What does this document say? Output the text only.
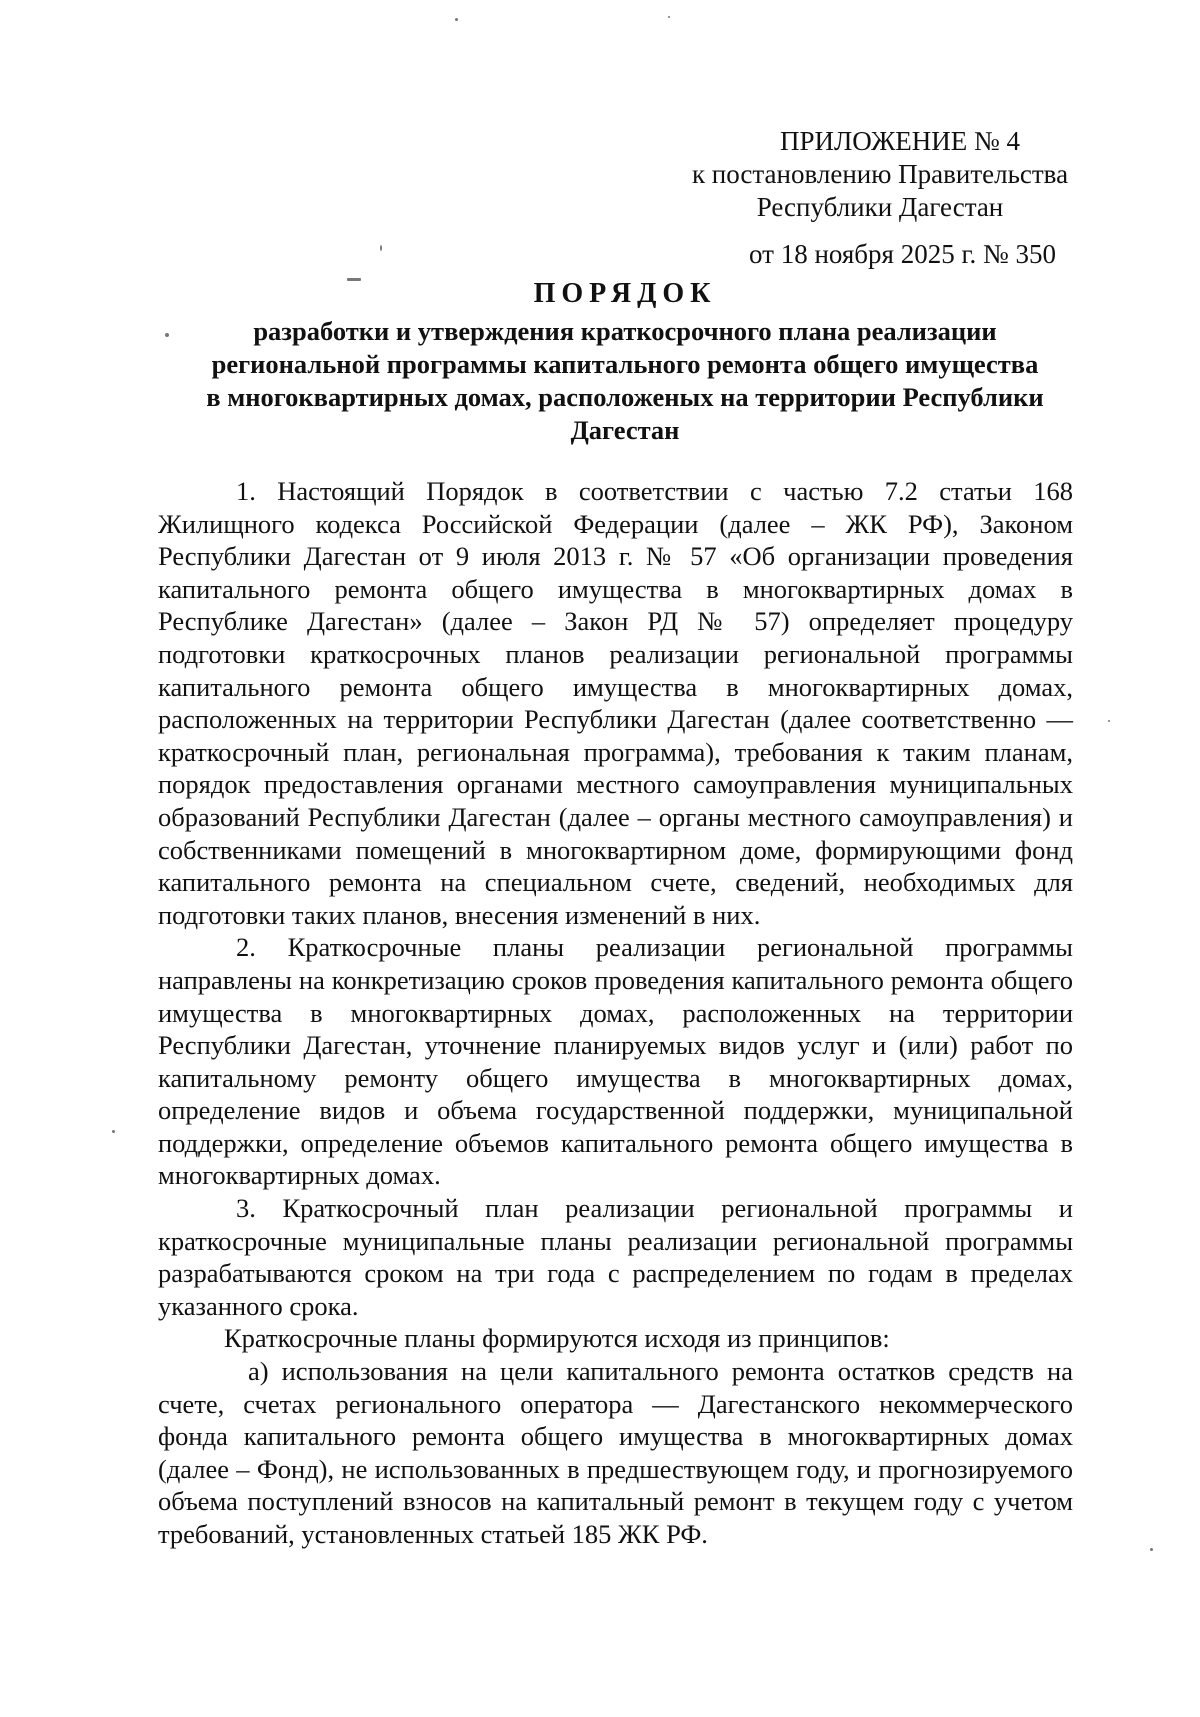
ПРИЛОЖЕНИЕ № 4
к постановлению Правительства
Республики Дагестан
от 18 ноября 2025 г. № 350
ПОРЯДОК
разработки и утверждения краткосрочного плана реализации
региональной программы капитального ремонта общего имущества
в многоквартирных домах, расположеных на территории Республики
Дагестан

1. Настоящий Порядок в соответствии с частью 7.2 статьи 168 Жилищного кодекса Российской Федерации (далее – ЖК РФ), Законом Республики Дагестан от 9 июля 2013 г. № 57 «Об организации проведения капитального ремонта общего имущества в многоквартирных домах в Республике Дагестан» (далее – Закон РД № 57) определяет процедуру подготовки краткосрочных планов реализации региональной программы капитального ремонта общего имущества в многоквартирных домах, расположенных на территории Республики Дагестан (далее соответственно — краткосрочный план, региональная программа), требования к таким планам, порядок предоставления органами местного самоуправления муниципальных образований Республики Дагестан (далее – органы местного самоуправления) и собственниками помещений в многоквартирном доме, формирующими фонд капитального ремонта на специальном счете, сведений, необходимых для подготовки таких планов, внесения изменений в них.

2. Краткосрочные планы реализации региональной программы направлены на конкретизацию сроков проведения капитального ремонта общего имущества в многоквартирных домах, расположенных на территории Республики Дагестан, уточнение планируемых видов услуг и (или) работ по капитальному ремонту общего имущества в многоквартирных домах, определение видов и объема государственной поддержки, муниципальной поддержки, определение объемов капитального ремонта общего имущества в многоквартирных домах.

3. Краткосрочный план реализации региональной программы и краткосрочные муниципальные планы реализации региональной программы разрабатываются сроком на три года с распределением по годам в пределах указанного срока.

Краткосрочные планы формируются исходя из принципов:

а) использования на цели капитального ремонта остатков средств на счете, счетах регионального оператора — Дагестанского некоммерческого фонда капитального ремонта общего имущества в многоквартирных домах (далее – Фонд), не использованных в предшествующем году, и прогнозируемого объема поступлений взносов на капитальный ремонт в текущем году с учетом требований, установленных статьей 185 ЖК РФ.
